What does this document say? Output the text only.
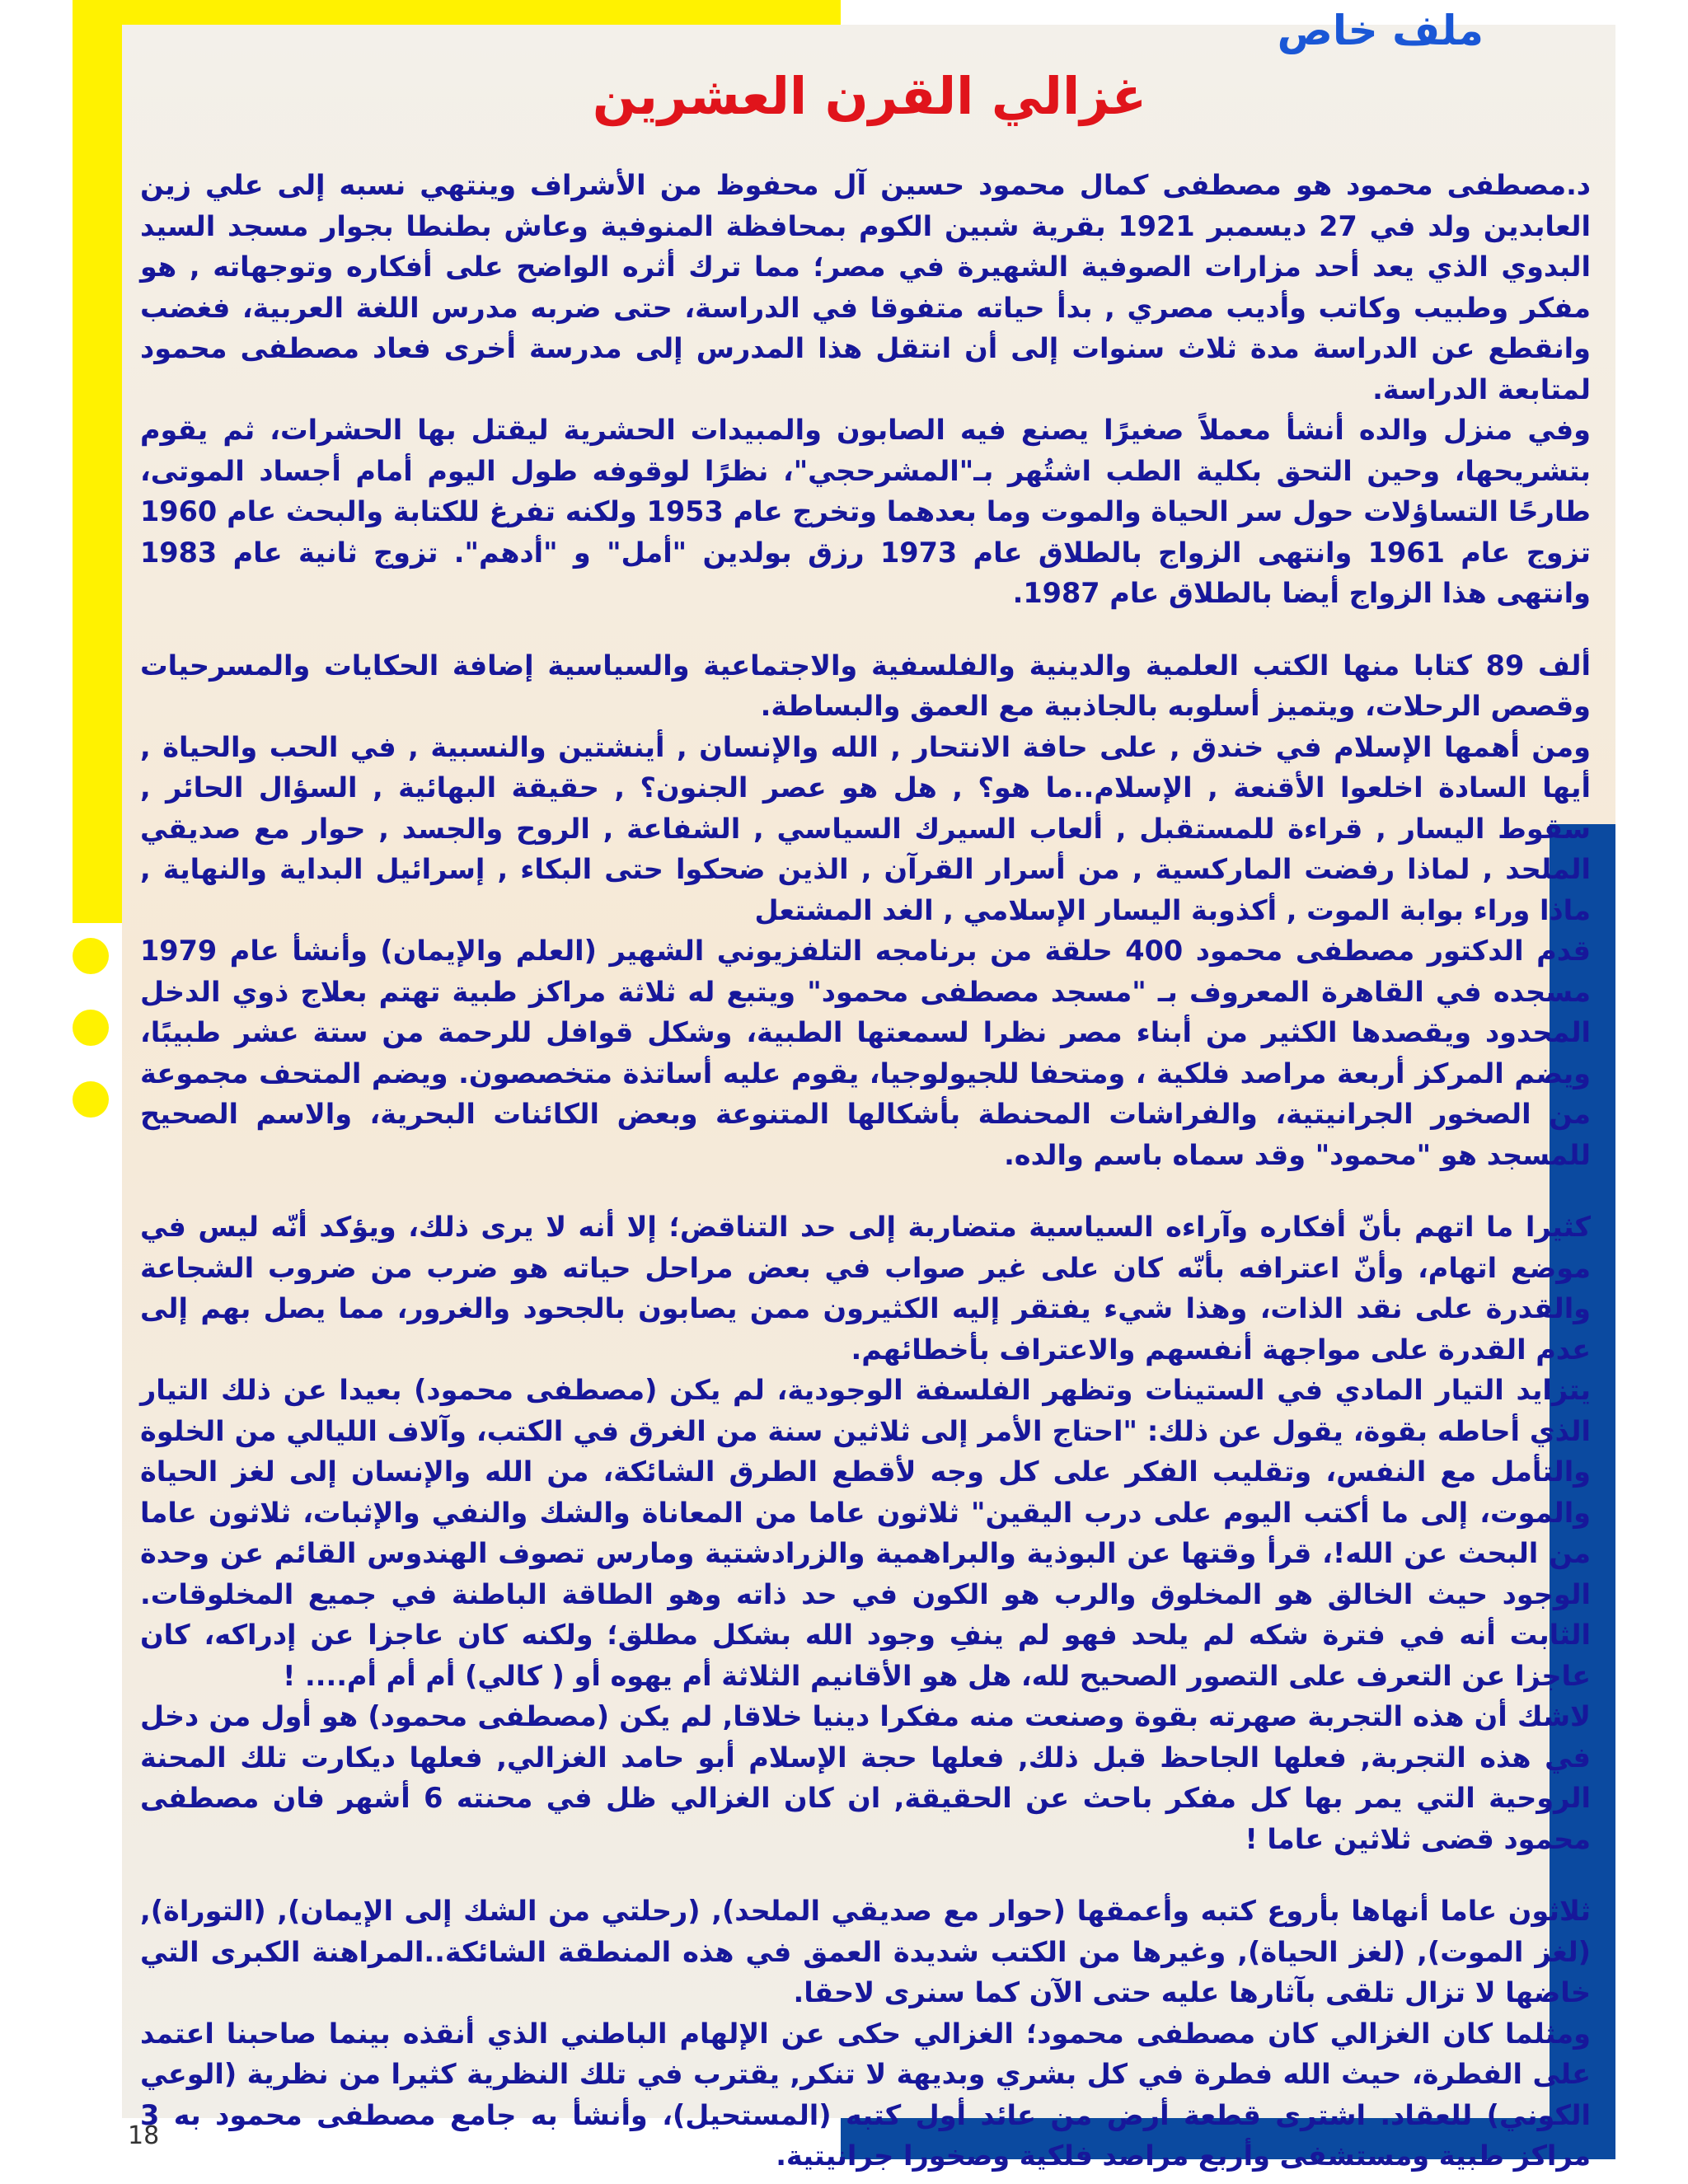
ملف خاص
غزالي القرن العشرين

د.مصطفى محمود هو مصطفى كمال محمود حسين آل محفوظ من الأشراف وينتهي نسبه إلى علي زين العابدين ولد في 27 ديسمبر 1921 بقرية شبين الكوم بمحافظة المنوفية وعاش بطنطا بجوار مسجد السيد البدوي الذي يعد أحد مزارات الصوفية الشهيرة في مصر؛ مما ترك أثره الواضح على أفكاره وتوجهاته , هو مفكر وطبيب وكاتب وأديب مصري , بدأ حياته متفوقا في الدراسة، حتى ضربه مدرس اللغة العربية، فغضب وانقطع عن الدراسة مدة ثلاث سنوات إلى أن انتقل هذا المدرس إلى مدرسة أخرى فعاد مصطفى محمود لمتابعة الدراسة.

وفي منزل والده أنشأ معملاً صغيرًا يصنع فيه الصابون والمبيدات الحشرية ليقتل بها الحشرات، ثم يقوم بتشريحها، وحين التحق بكلية الطب اشتُهر بـ"المشرحجي"، نظرًا لوقوفه طول اليوم أمام أجساد الموتى، طارحًا التساؤلات حول سر الحياة والموت وما بعدهما وتخرج عام 1953 ولكنه تفرغ للكتابة والبحث عام 1960 تزوج عام 1961 وانتهى الزواج بالطلاق عام 1973 رزق بولدين "أمل" و "أدهم". تزوج ثانية عام 1983 وانتهى هذا الزواج أيضا بالطلاق عام 1987.

ألف 89 كتابا منها الكتب العلمية والدينية والفلسفية والاجتماعية والسياسية إضافة الحكايات والمسرحيات وقصص الرحلات، ويتميز أسلوبه بالجاذبية مع العمق والبساطة.

ومن أهمها الإسلام في خندق , على حافة الانتحار , الله والإنسان , أينشتين والنسبية , في الحب والحياة , أيها السادة اخلعوا الأقنعة , الإسلام..ما هو؟ , هل هو عصر الجنون؟ , حقيقة البهائية , السؤال الحائر , سقوط اليسار , قراءة للمستقبل , ألعاب السيرك السياسي , الشفاعة , الروح والجسد , حوار مع صديقي الملحد , لماذا رفضت الماركسية , من أسرار القرآن , الذين ضحكوا حتى البكاء , إسرائيل البداية والنهاية , ماذا وراء بوابة الموت , أكذوبة اليسار الإسلامي , الغد المشتعل

قدم الدكتور مصطفى محمود 400 حلقة من برنامجه التلفزيوني الشهير (العلم والإيمان) وأنشأ عام 1979 مسجده في القاهرة المعروف بـ "مسجد مصطفى محمود" ويتبع له ثلاثة مراكز طبية تهتم بعلاج ذوي الدخل المحدود ويقصدها الكثير من أبناء مصر نظرا لسمعتها الطبية، وشكل قوافل للرحمة من ستة عشر طبيبًا، ويضم المركز أربعة مراصد فلكية ، ومتحفا للجيولوجيا، يقوم عليه أساتذة متخصصون. ويضم المتحف مجموعة من الصخور الجرانيتية، والفراشات المحنطة بأشكالها المتنوعة وبعض الكائنات البحرية، والاسم الصحيح للمسجد هو "محمود" وقد سماه باسم والده.

كثيرا ما اتهم بأنّ أفكاره وآراءه السياسية متضاربة إلى حد التناقض؛ إلا أنه لا يرى ذلك، ويؤكد أنّه ليس في موضع اتهام، وأنّ اعترافه بأنّه كان على غير صواب في بعض مراحل حياته هو ضرب من ضروب الشجاعة والقدرة على نقد الذات، وهذا شيء يفتقر إليه الكثيرون ممن يصابون بالجحود والغرور، مما يصل بهم إلى عدم القدرة على مواجهة أنفسهم والاعتراف بأخطائهم.

يتزايد التيار المادي في الستينات وتظهر الفلسفة الوجودية، لم يكن (مصطفى محمود) بعيدا عن ذلك التيار الذي أحاطه بقوة، يقول عن ذلك: "احتاج الأمر إلى ثلاثين سنة من الغرق في الكتب، وآلاف الليالي من الخلوة والتأمل مع النفس، وتقليب الفكر على كل وجه لأقطع الطرق الشائكة، من الله والإنسان إلى لغز الحياة والموت، إلى ما أكتب اليوم على درب اليقين" ثلاثون عاما من المعاناة والشك والنفي والإثبات، ثلاثون عاما من البحث عن الله!، قرأ وقتها عن البوذية والبراهمية والزرادشتية ومارس تصوف الهندوس القائم عن وحدة الوجود حيث الخالق هو المخلوق والرب هو الكون في حد ذاته وهو الطاقة الباطنة في جميع المخلوقات. الثابت أنه في فترة شكه لم يلحد فهو لم ينفِ وجود الله بشكل مطلق؛ ولكنه كان عاجزا عن إدراكه، كان عاجزا عن التعرف على التصور الصحيح لله، هل هو الأقانيم الثلاثة أم يهوه أو ( كالي) أم أم أم.... !

لاشك أن هذه التجربة صهرته بقوة وصنعت منه مفكرا دينيا خلاقا, لم يكن (مصطفى محمود) هو أول من دخل في هذه التجربة, فعلها الجاحظ قبل ذلك, فعلها حجة الإسلام أبو حامد الغزالي, فعلها ديكارت تلك المحنة الروحية التي يمر بها كل مفكر باحث عن الحقيقة, ان كان الغزالي ظل في محنته 6 أشهر فان مصطفى محمود قضى ثلاثين عاما !

ثلاثون عاما أنهاها بأروع كتبه وأعمقها (حوار مع صديقي الملحد), (رحلتي من الشك إلى الإيمان), (التوراة), (لغز الموت), (لغز الحياة), وغيرها من الكتب شديدة العمق في هذه المنطقة الشائكة..المراهنة الكبرى التي خاضها لا تزال تلقى بآثارها عليه حتى الآن كما سنرى لاحقا.

ومثلما كان الغزالي كان مصطفى محمود؛ الغزالي حكى عن الإلهام الباطني الذي أنقذه بينما صاحبنا اعتمد على الفطرة، حيث الله فطرة في كل بشري وبديهة لا تنكر, يقترب في تلك النظرية كثيرا من نظرية (الوعي الكوني) للعقاد. اشترى قطعة أرض من عائد أول كتبه (المستحيل)، وأنشأ به جامع مصطفى محمود به 3 مراكز طبية ومستشفى وأربع مراصد فلكية وصخورا جرانيتية.

18
